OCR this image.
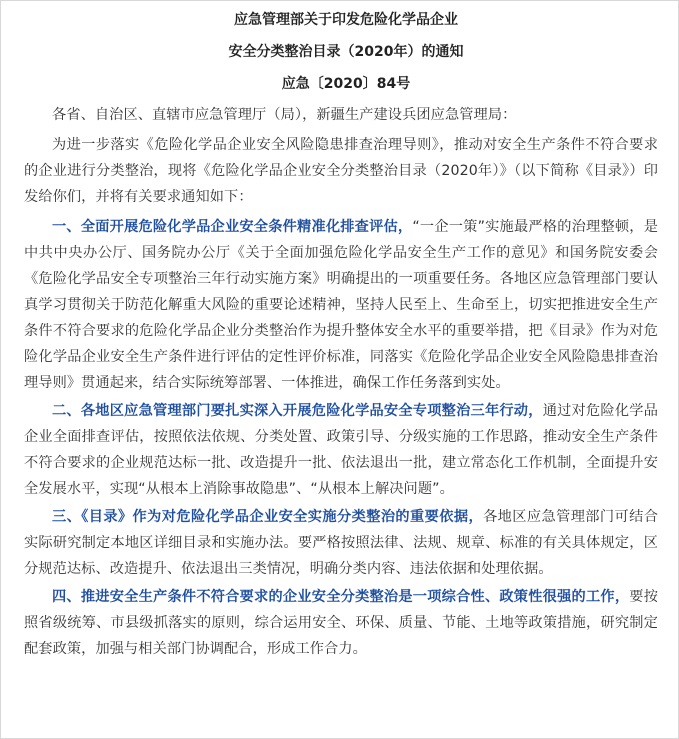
应急管理部关于印发危险化学品企业

安全分类整治目录（2020年）的通知

应急〔2020〕84号

各省、自治区、直辖市应急管理厅（局），新疆生产建设兵团应急管理局：

为进一步落实《危险化学品企业安全风险隐患排查治理导则》，推动对安全生产条件不符合要求的企业进行分类整治，现将《危险化学品企业安全分类整治目录（2020年）》（以下简称《目录》）印发给你们，并将有关要求通知如下：

一、全面开展危险化学品企业安全条件精准化排查评估，“一企一策”实施最严格的治理整顿，是中共中央办公厅、国务院办公厅《关于全面加强危险化学品安全生产工作的意见》和国务院安委会《危险化学品安全专项整治三年行动实施方案》明确提出的一项重要任务。各地区应急管理部门要认真学习贯彻关于防范化解重大风险的重要论述精神，坚持人民至上、生命至上，切实把推进安全生产条件不符合要求的危险化学品企业分类整治作为提升整体安全水平的重要举措，把《目录》作为对危险化学品企业安全生产条件进行评估的定性评价标准，同落实《危险化学品企业安全风险隐患排查治理导则》贯通起来，结合实际统筹部署、一体推进，确保工作任务落到实处。

二、各地区应急管理部门要扎实深入开展危险化学品安全专项整治三年行动，通过对危险化学品企业全面排查评估，按照依法依规、分类处置、政策引导、分级实施的工作思路，推动安全生产条件不符合要求的企业规范达标一批、改造提升一批、依法退出一批，建立常态化工作机制，全面提升安全发展水平，实现“从根本上消除事故隐患”、“从根本上解决问题”。

三、《目录》作为对危险化学品企业安全实施分类整治的重要依据，各地区应急管理部门可结合实际研究制定本地区详细目录和实施办法。要严格按照法律、法规、规章、标准的有关具体规定，区分规范达标、改造提升、依法退出三类情况，明确分类内容、违法依据和处理依据。

四、推进安全生产条件不符合要求的企业安全分类整治是一项综合性、政策性很强的工作，要按照省级统筹、市县级抓落实的原则，综合运用安全、环保、质量、节能、土地等政策措施，研究制定配套政策，加强与相关部门协调配合，形成工作合力。
